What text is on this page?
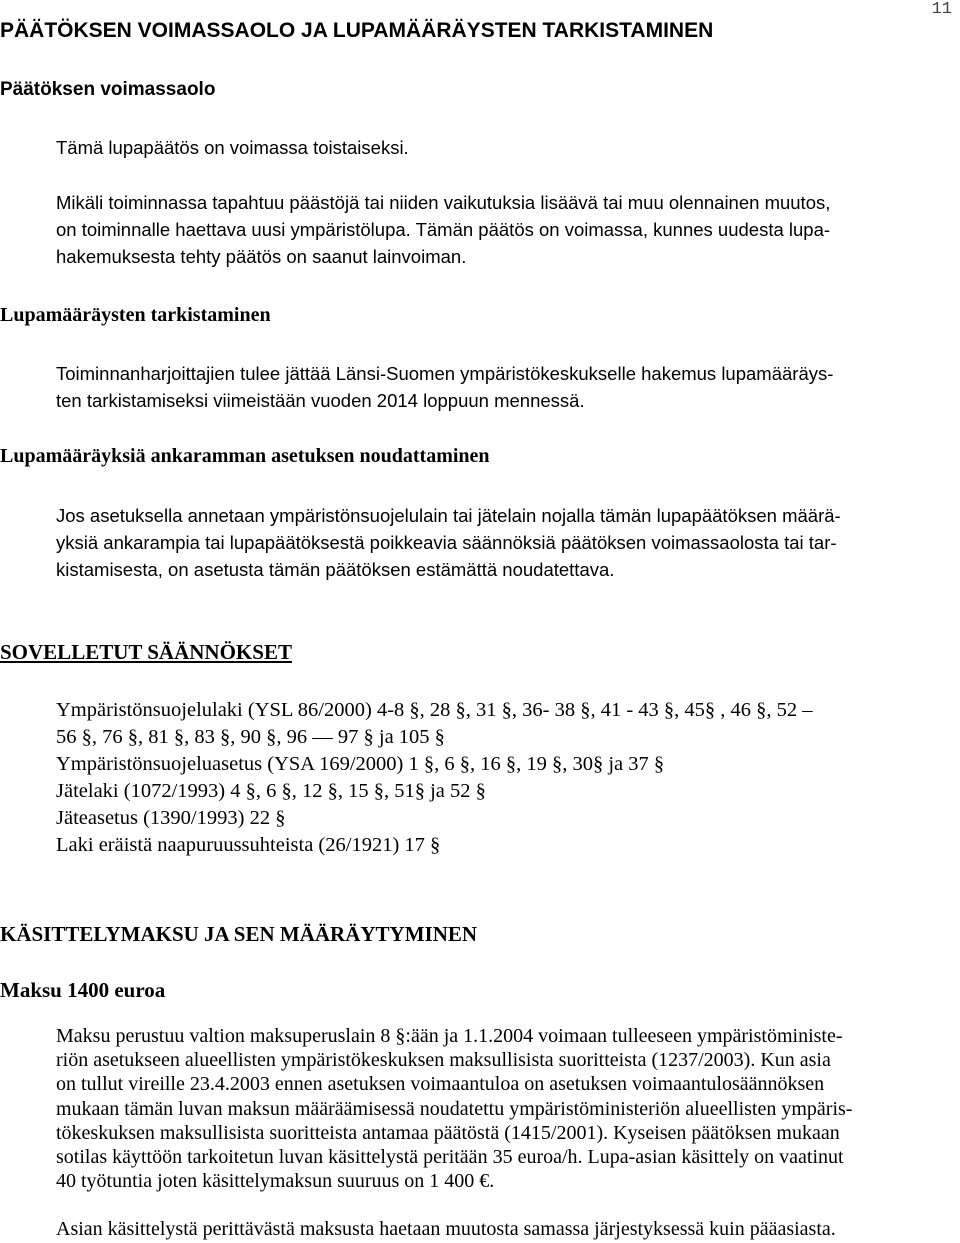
11
PÄÄTÖKSEN VOIMASSAOLO JA LUPAMÄÄRÄYSTEN TARKISTAMINEN
Päätöksen voimassaolo
Tämä lupapäätös on voimassa toistaiseksi.
Mikäli toiminnassa tapahtuu päästöjä tai niiden vaikutuksia lisäävä tai muu olennainen muutos,
on toiminnalle haettava uusi ympäristölupa. Tämän päätös on voimassa, kunnes uudesta lupa-
hakemuksesta tehty päätös on saanut lainvoiman.
Lupamääräysten tarkistaminen
Toiminnanharjoittajien tulee jättää Länsi-Suomen ympäristökeskukselle hakemus lupamääräys-
ten tarkistamiseksi viimeistään vuoden 2014 loppuun mennessä.
Lupamääräyksiä ankaramman asetuksen noudattaminen
Jos asetuksella annetaan ympäristönsuojelulain tai jätelain nojalla tämän lupapäätöksen määrä-
yksiä ankarampia tai lupapäätöksestä poikkeavia säännöksiä päätöksen voimassaolosta tai tar-
kistamisesta, on asetusta tämän päätöksen estämättä noudatettava.
SOVELLETUT SÄÄNNÖKSET
Ympäristönsuojelulaki (YSL 86/2000) 4-8 §, 28 §, 31 §, 36- 38 §, 41 - 43 §, 45§ , 46 §, 52 –
56 §, 76 §, 81 §, 83 §, 90 §, 96 — 97 § ja 105 §
Ympäristönsuojeluasetus (YSA 169/2000) 1 §, 6 §, 16 §, 19 §, 30§ ja 37 §
Jätelaki (1072/1993) 4 §, 6 §, 12 §, 15 §, 51§ ja 52 §
Jäteasetus (1390/1993) 22 §
Laki eräistä naapuruussuhteista (26/1921) 17 §
KÄSITTELYMAKSU JA SEN MÄÄRÄYTYMINEN
Maksu 1400 euroa
Maksu perustuu valtion maksuperuslain 8 §:ään ja 1.1.2004 voimaan tulleeseen ympäristöministe-
riön asetukseen alueellisten ympäristökeskuksen maksullisista suoritteista (1237/2003). Kun asia
on tullut vireille 23.4.2003 ennen asetuksen voimaantuloa on asetuksen voimaantulosäännöksen
mukaan tämän luvan maksun määräämisessä noudatettu ympäristöministeriön alueellisten ympäris-
tökeskuksen maksullisista suoritteista antamaa päätöstä (1415/2001). Kyseisen päätöksen mukaan
sotilas käyttöön tarkoitetun luvan käsittelystä peritään 35 euroa/h. Lupa-asian käsittely on vaatinut
40 työtuntia joten käsittelymaksun suuruus on 1 400 €.
Asian käsittelystä perittävästä maksusta haetaan muutosta samassa järjestyksessä kuin pääasiasta.
